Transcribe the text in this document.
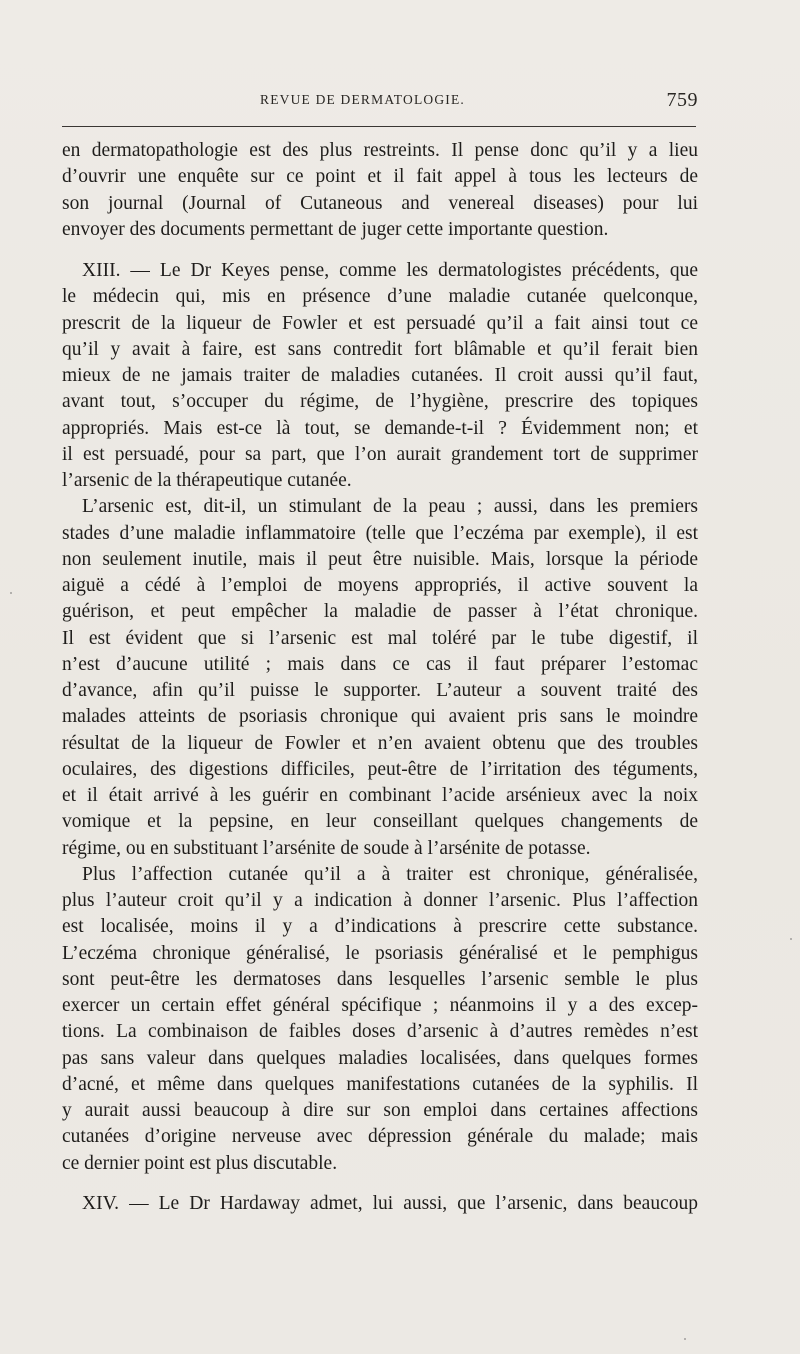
REVUE DE DERMATOLOGIE.	759
en dermatopathologie est des plus restreints. Il pense donc qu’il y a lieu
d’ouvrir une enquête sur ce point et il fait appel à tous les lecteurs de
son journal (Journal of Cutaneous and venereal diseases) pour lui
envoyer des documents permettant de juger cette importante question.
XIII. — Le Dr Keyes pense, comme les dermatologistes précédents, que
le médecin qui, mis en présence d’une maladie cutanée quelconque,
prescrit de la liqueur de Fowler et est persuadé qu’il a fait ainsi tout ce
qu’il y avait à faire, est sans contredit fort blâmable et qu’il ferait bien
mieux de ne jamais traiter de maladies cutanées. Il croit aussi qu’il faut,
avant tout, s’occuper du régime, de l’hygiène, prescrire des topiques
appropriés. Mais est-ce là tout, se demande-t-il ? Évidemment non; et
il est persuadé, pour sa part, que l’on aurait grandement tort de supprimer
l’arsenic de la thérapeutique cutanée.
L’arsenic est, dit-il, un stimulant de la peau ; aussi, dans les premiers
stades d’une maladie inflammatoire (telle que l’eczéma par exemple), il est
non seulement inutile, mais il peut être nuisible. Mais, lorsque la période
aiguë a cédé à l’emploi de moyens appropriés, il active souvent la
guérison, et peut empêcher la maladie de passer à l’état chronique.
Il est évident que si l’arsenic est mal toléré par le tube digestif, il
n’est d’aucune utilité ; mais dans ce cas il faut préparer l’estomac
d’avance, afin qu’il puisse le supporter. L’auteur a souvent traité des
malades atteints de psoriasis chronique qui avaient pris sans le moindre
résultat de la liqueur de Fowler et n’en avaient obtenu que des troubles
oculaires, des digestions difficiles, peut-être de l’irritation des téguments,
et il était arrivé à les guérir en combinant l’acide arsénieux avec la noix
vomique et la pepsine, en leur conseillant quelques changements de
régime, ou en substituant l’arsénite de soude à l’arsénite de potasse.
Plus l’affection cutanée qu’il a à traiter est chronique, généralisée,
plus l’auteur croit qu’il y a indication à donner l’arsenic. Plus l’affection
est localisée, moins il y a d’indications à prescrire cette substance.
L’eczéma chronique généralisé, le psoriasis généralisé et le pemphigus
sont peut-être les dermatoses dans lesquelles l’arsenic semble le plus
exercer un certain effet général spécifique ; néanmoins il y a des excep-
tions. La combinaison de faibles doses d’arsenic à d’autres remèdes n’est
pas sans valeur dans quelques maladies localisées, dans quelques formes
d’acné, et même dans quelques manifestations cutanées de la syphilis. Il
y aurait aussi beaucoup à dire sur son emploi dans certaines affections
cutanées d’origine nerveuse avec dépression générale du malade; mais
ce dernier point est plus discutable.
XIV. — Le Dr Hardaway admet, lui aussi, que l’arsenic, dans beaucoup
